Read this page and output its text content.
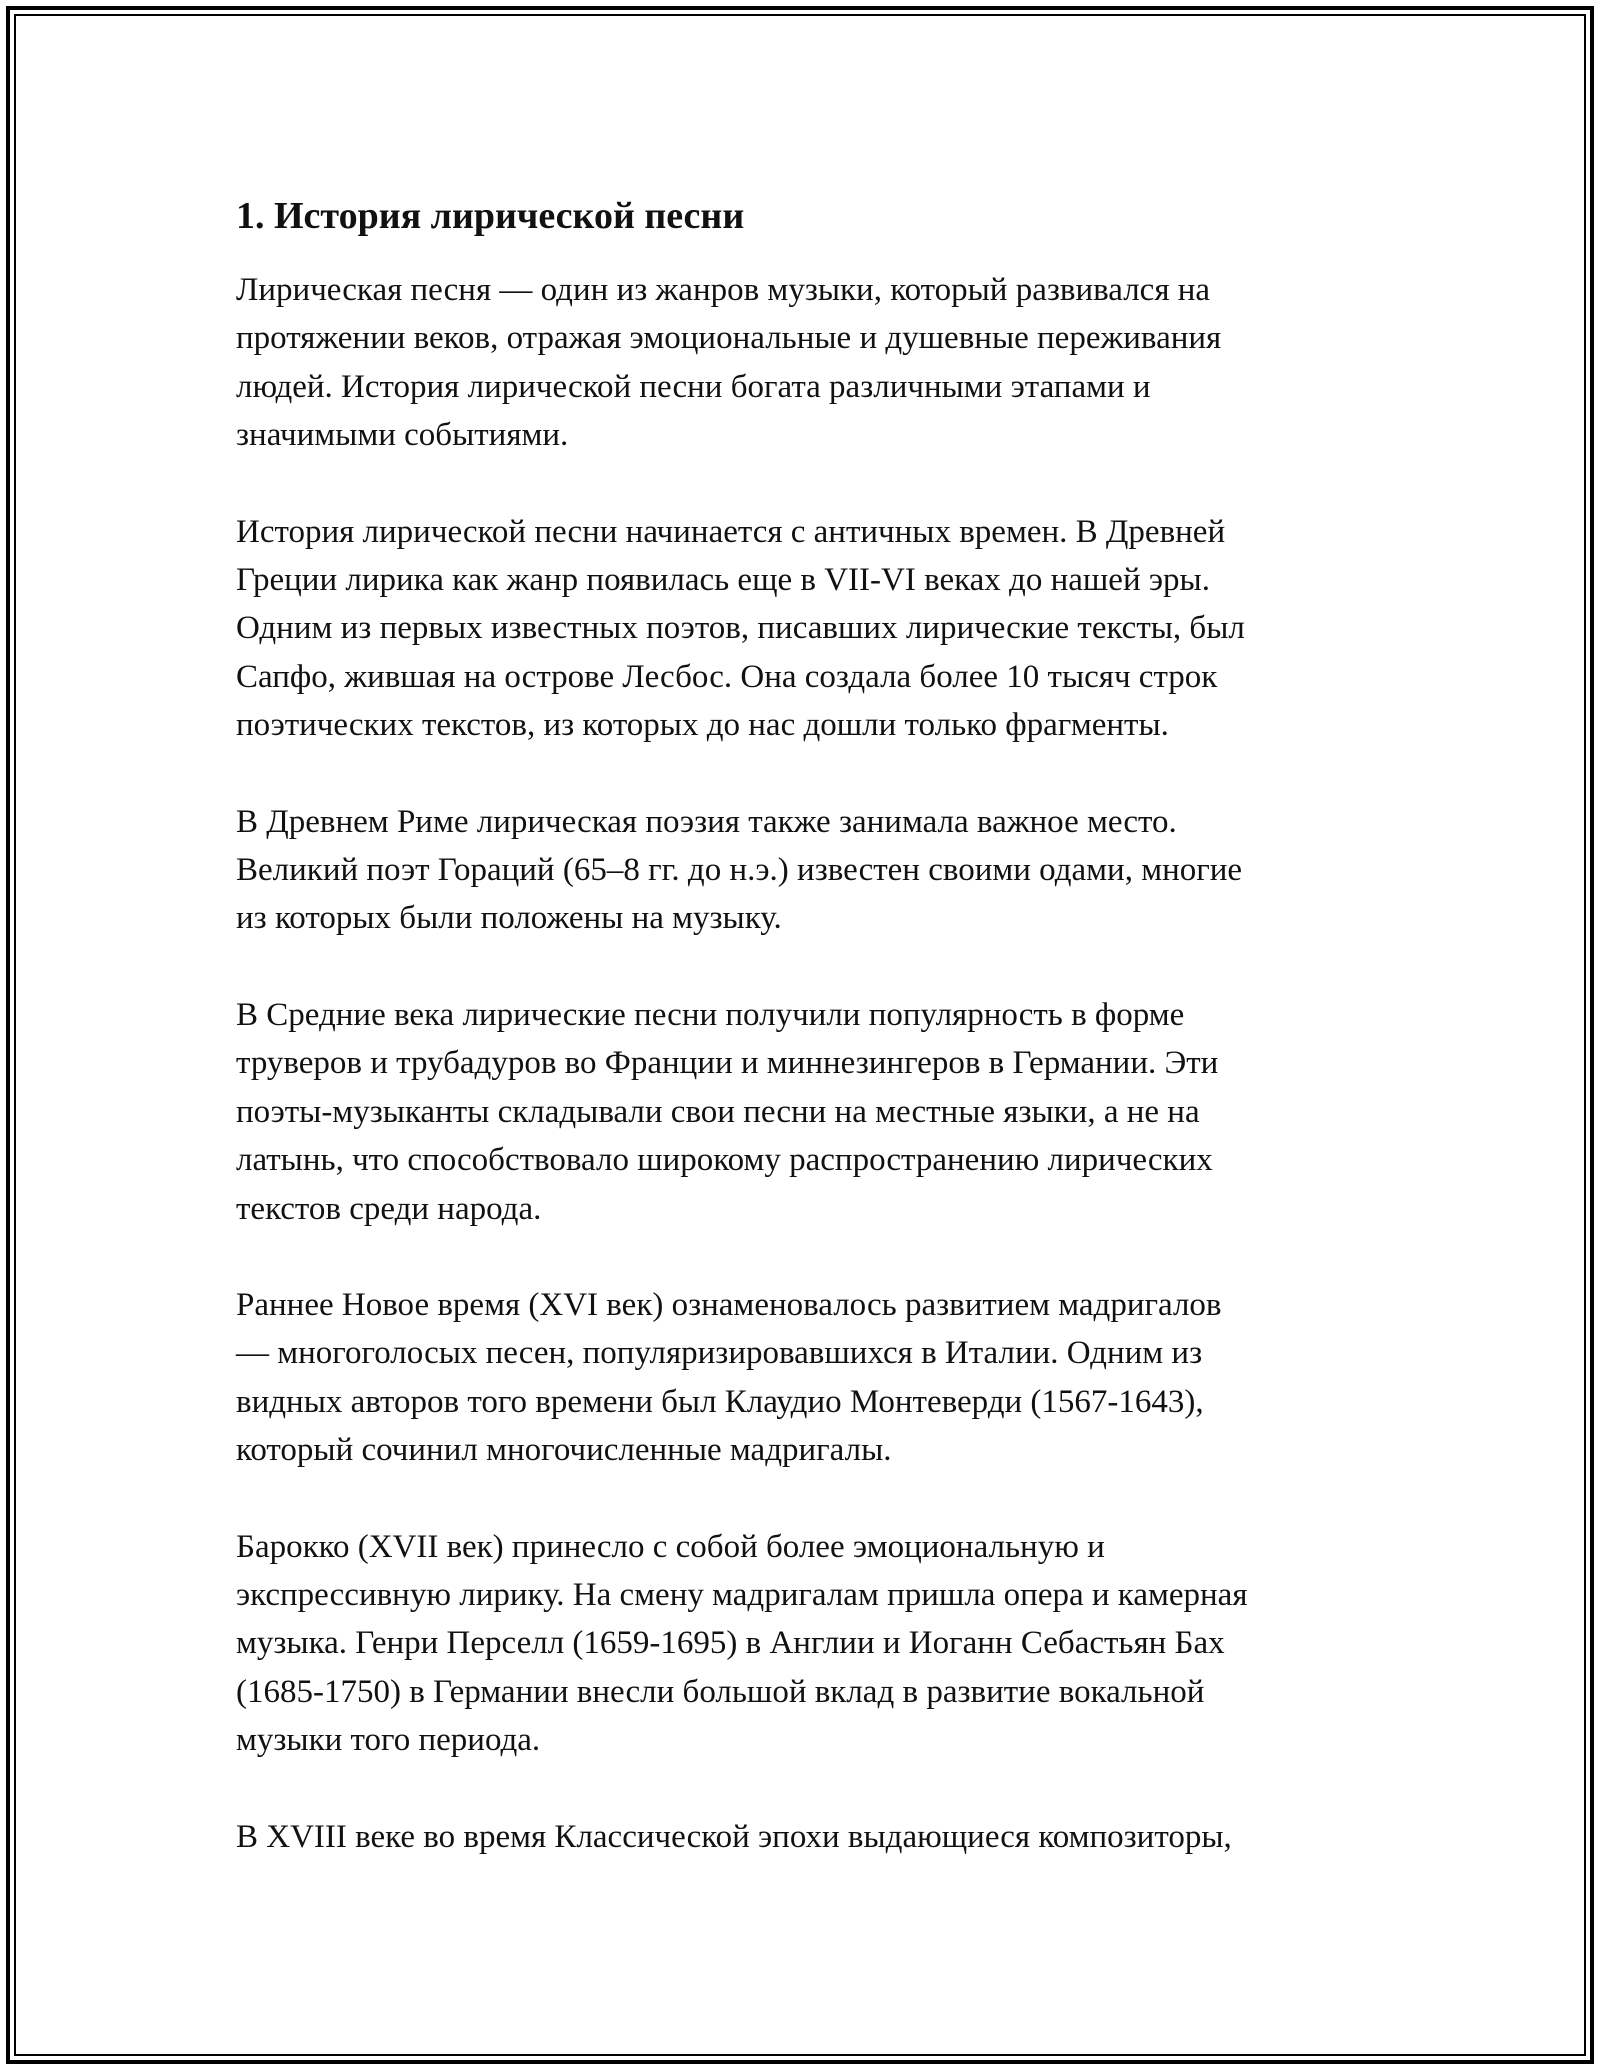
1. История лирической песни

Лирическая песня — один из жанров музыки, который развивался на
протяжении веков, отражая эмоциональные и душевные переживания
людей. История лирической песни богата различными этапами и
значимыми событиями.

История лирической песни начинается с античных времен. В Древней
Греции лирика как жанр появилась еще в VII-VI веках до нашей эры.
Одним из первых известных поэтов, писавших лирические тексты, был
Сапфо, жившая на острове Лесбос. Она создала более 10 тысяч строк
поэтических текстов, из которых до нас дошли только фрагменты.

В Древнем Риме лирическая поэзия также занимала важное место.
Великий поэт Гораций (65–8 гг. до н.э.) известен своими одами, многие
из которых были положены на музыку.

В Средние века лирические песни получили популярность в форме
труверов и трубадуров во Франции и миннезингеров в Германии. Эти
поэты-музыканты складывали свои песни на местные языки, а не на
латынь, что способствовало широкому распространению лирических
текстов среди народа.

Раннее Новое время (XVI век) ознаменовалось развитием мадригалов
— многоголосых песен, популяризировавшихся в Италии. Одним из
видных авторов того времени был Клаудио Монтеверди (1567-1643),
который сочинил многочисленные мадригалы.

Барокко (XVII век) принесло с собой более эмоциональную и
экспрессивную лирику. На смену мадригалам пришла опера и камерная
музыка. Генри Перселл (1659-1695) в Англии и Иоганн Себастьян Бах
(1685-1750) в Германии внесли большой вклад в развитие вокальной
музыки того периода.

В XVIII веке во время Классической эпохи выдающиеся композиторы,
